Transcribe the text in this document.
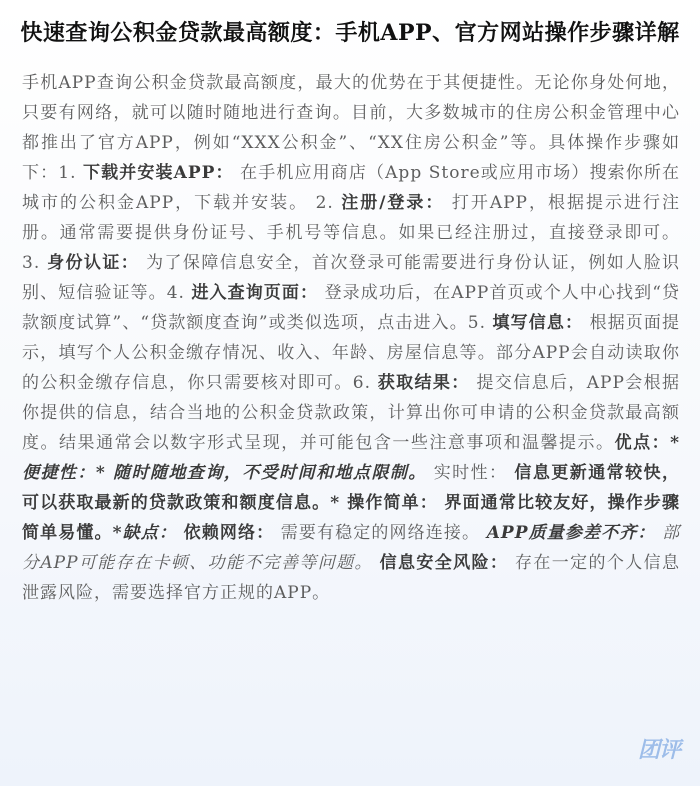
快速查询公积金贷款最高额度：手机APP、官方网站操作步骤详解
手机APP查询公积金贷款最高额度，最大的优势在于其便捷性。无论你身处何地，只要有网络，就可以随时随地进行查询。目前，大多数城市的住房公积金管理中心都推出了官方APP，例如“XXX公积金”、“XX住房公积金”等。具体操作步骤如下：1. 下载并安装APP： 在手机应用商店（App Store或应用市场）搜索你所在城市的公积金APP，下载并安装。 2. 注册/登录： 打开APP，根据提示进行注册。通常需要提供身份证号、手机号等信息。如果已经注册过，直接登录即可。3. 身份认证： 为了保障信息安全，首次登录可能需要进行身份认证，例如人脸识别、短信验证等。4. 进入查询页面： 登录成功后，在APP首页或个人中心找到“贷款额度试算”、“贷款额度查询”或类似选项，点击进入。5. 填写信息： 根据页面提示，填写个人公积金缴存情况、收入、年龄、房屋信息等。部分APP会自动读取你的公积金缴存信息，你只需要核对即可。6. 获取结果： 提交信息后，APP会根据你提供的信息，结合当地的公积金贷款政策，计算出你可申请的公积金贷款最高额度。结果通常会以数字形式呈现，并可能包含一些注意事项和温馨提示。优点：* 便捷性：* 随时随地查询，不受时间和地点限制。 实时性： 信息更新通常较快，可以获取最新的贷款政策和额度信息。* 操作简单： 界面通常比较友好，操作步骤简单易懂。*缺点： 依赖网络： 需要有稳定的网络连接。 APP质量参差不齐： 部分APP可能存在卡顿、功能不完善等问题。 信息安全风险： 存在一定的个人信息泄露风险，需要选择官方正规的APP。
团评
